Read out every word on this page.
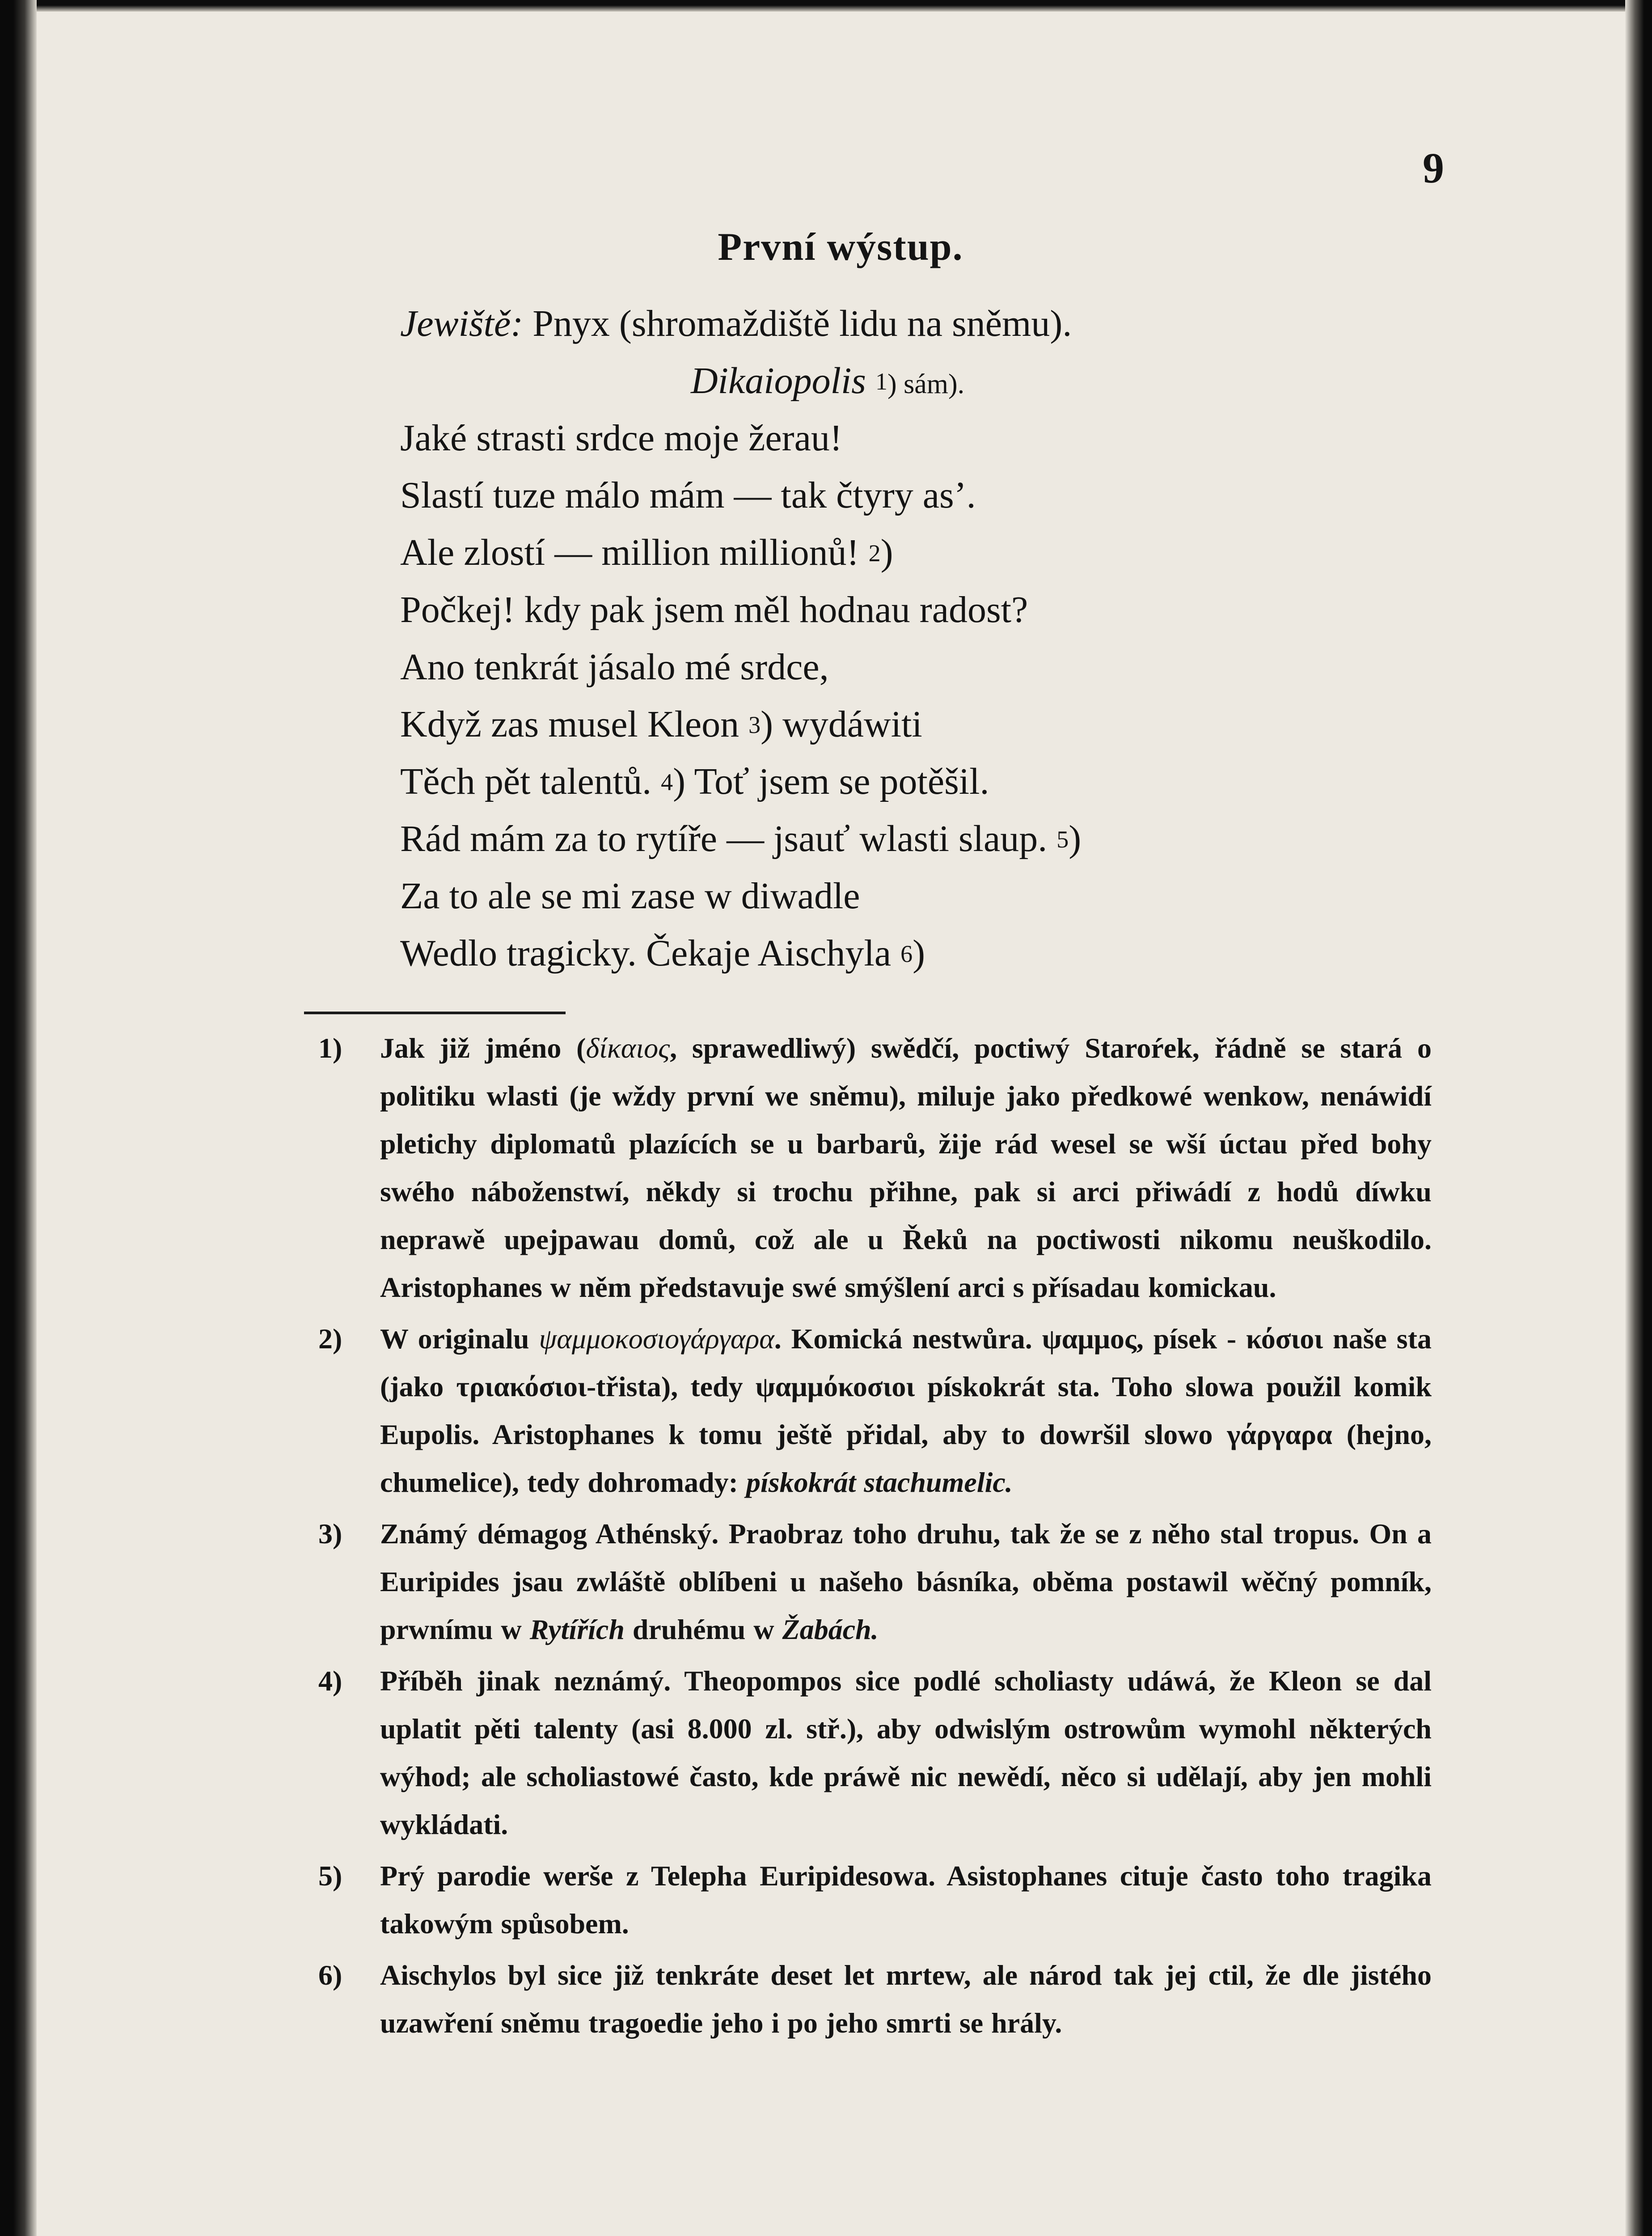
9
První wýstup.
Jewiště: Pnyx (shromaždiště lidu na sněmu).
Dikaiopolis $^1$) sám).
Jaké strasti srdce moje žerau!
Slastí tuze málo mám — tak čtyry as’.
Ale zlostí — million millionů! $^2$)
Počkej! kdy pak jsem měl hodnau radost?
Ano tenkrát jásalo mé srdce,
Když zas musel Kleon $^3$) wydáwiti
Těch pět talentů. $^4$) Toť jsem se potěšil.
Rád mám za to rytíře — jsauť wlasti slaup. $^5$)
Za to ale se mi zase w diwadle
Wedlo tragicky. Čekaje Aischyla $^6$)
1) Jak již jméno (δίκαιος, sprawedliwý) swědčí, poctiwý Staroŕek, řádně se stará o politiku wlasti (je wždy první we sněmu), miluje jako předkowé wenkow, nenáwidí pletichy diplomatů plazících se u barbarů, žije rád wesel se wší úctau před bohy swého náboženstwí, někdy si trochu přihne, pak si arci přiwádí z hodů díwku neprawě upejpawau domů, což ale u Řeků na poctiwosti nikomu neuškodilo. Aristophanes w něm představuje swé smýšlení arci s přísadau komickau.
2) W originalu ψαμμοκοσιογάργαρα. Komická nestwůra. ψαμμος, písek - κόσιοι naše sta (jako τριακόσιοι-třista), tedy ψαμμόκοσιοι pískokrát sta. Toho slowa použil komik Eupolis. Aristophanes k tomu ještě přidal, aby to dowršil slowo γάργαρα (hejno, chumelice), tedy dohromady: pískokrát stachumelic.
3) Známý démagog Athénský. Praobraz toho druhu, tak že se z něho stal tropus. On a Euripides jsau zwláště oblíbeni u našeho básníka, oběma postawil wěčný pomník, prwnímu w Rytířích druhému w Žabách.
4) Příběh jinak neznámý. Theopompos sice podlé scholiasty udáwá, že Kleon se dal uplatit pěti talenty (asi 8.000 zl. stř.), aby odwislým ostrowům wymohl některých wýhod; ale scholiastowé často, kde práwě nic newědí, něco si udělají, aby jen mohli wykládati.
5) Prý parodie werše z Telepha Euripidesowa. Asistophanes cituje často toho tragika takowým spůsobem.
6) Aischylos byl sice již tenkráte deset let mrtew, ale národ tak jej ctil, že dle jistého uzawření sněmu tragoedie jeho i po jeho smrti se hrály.
